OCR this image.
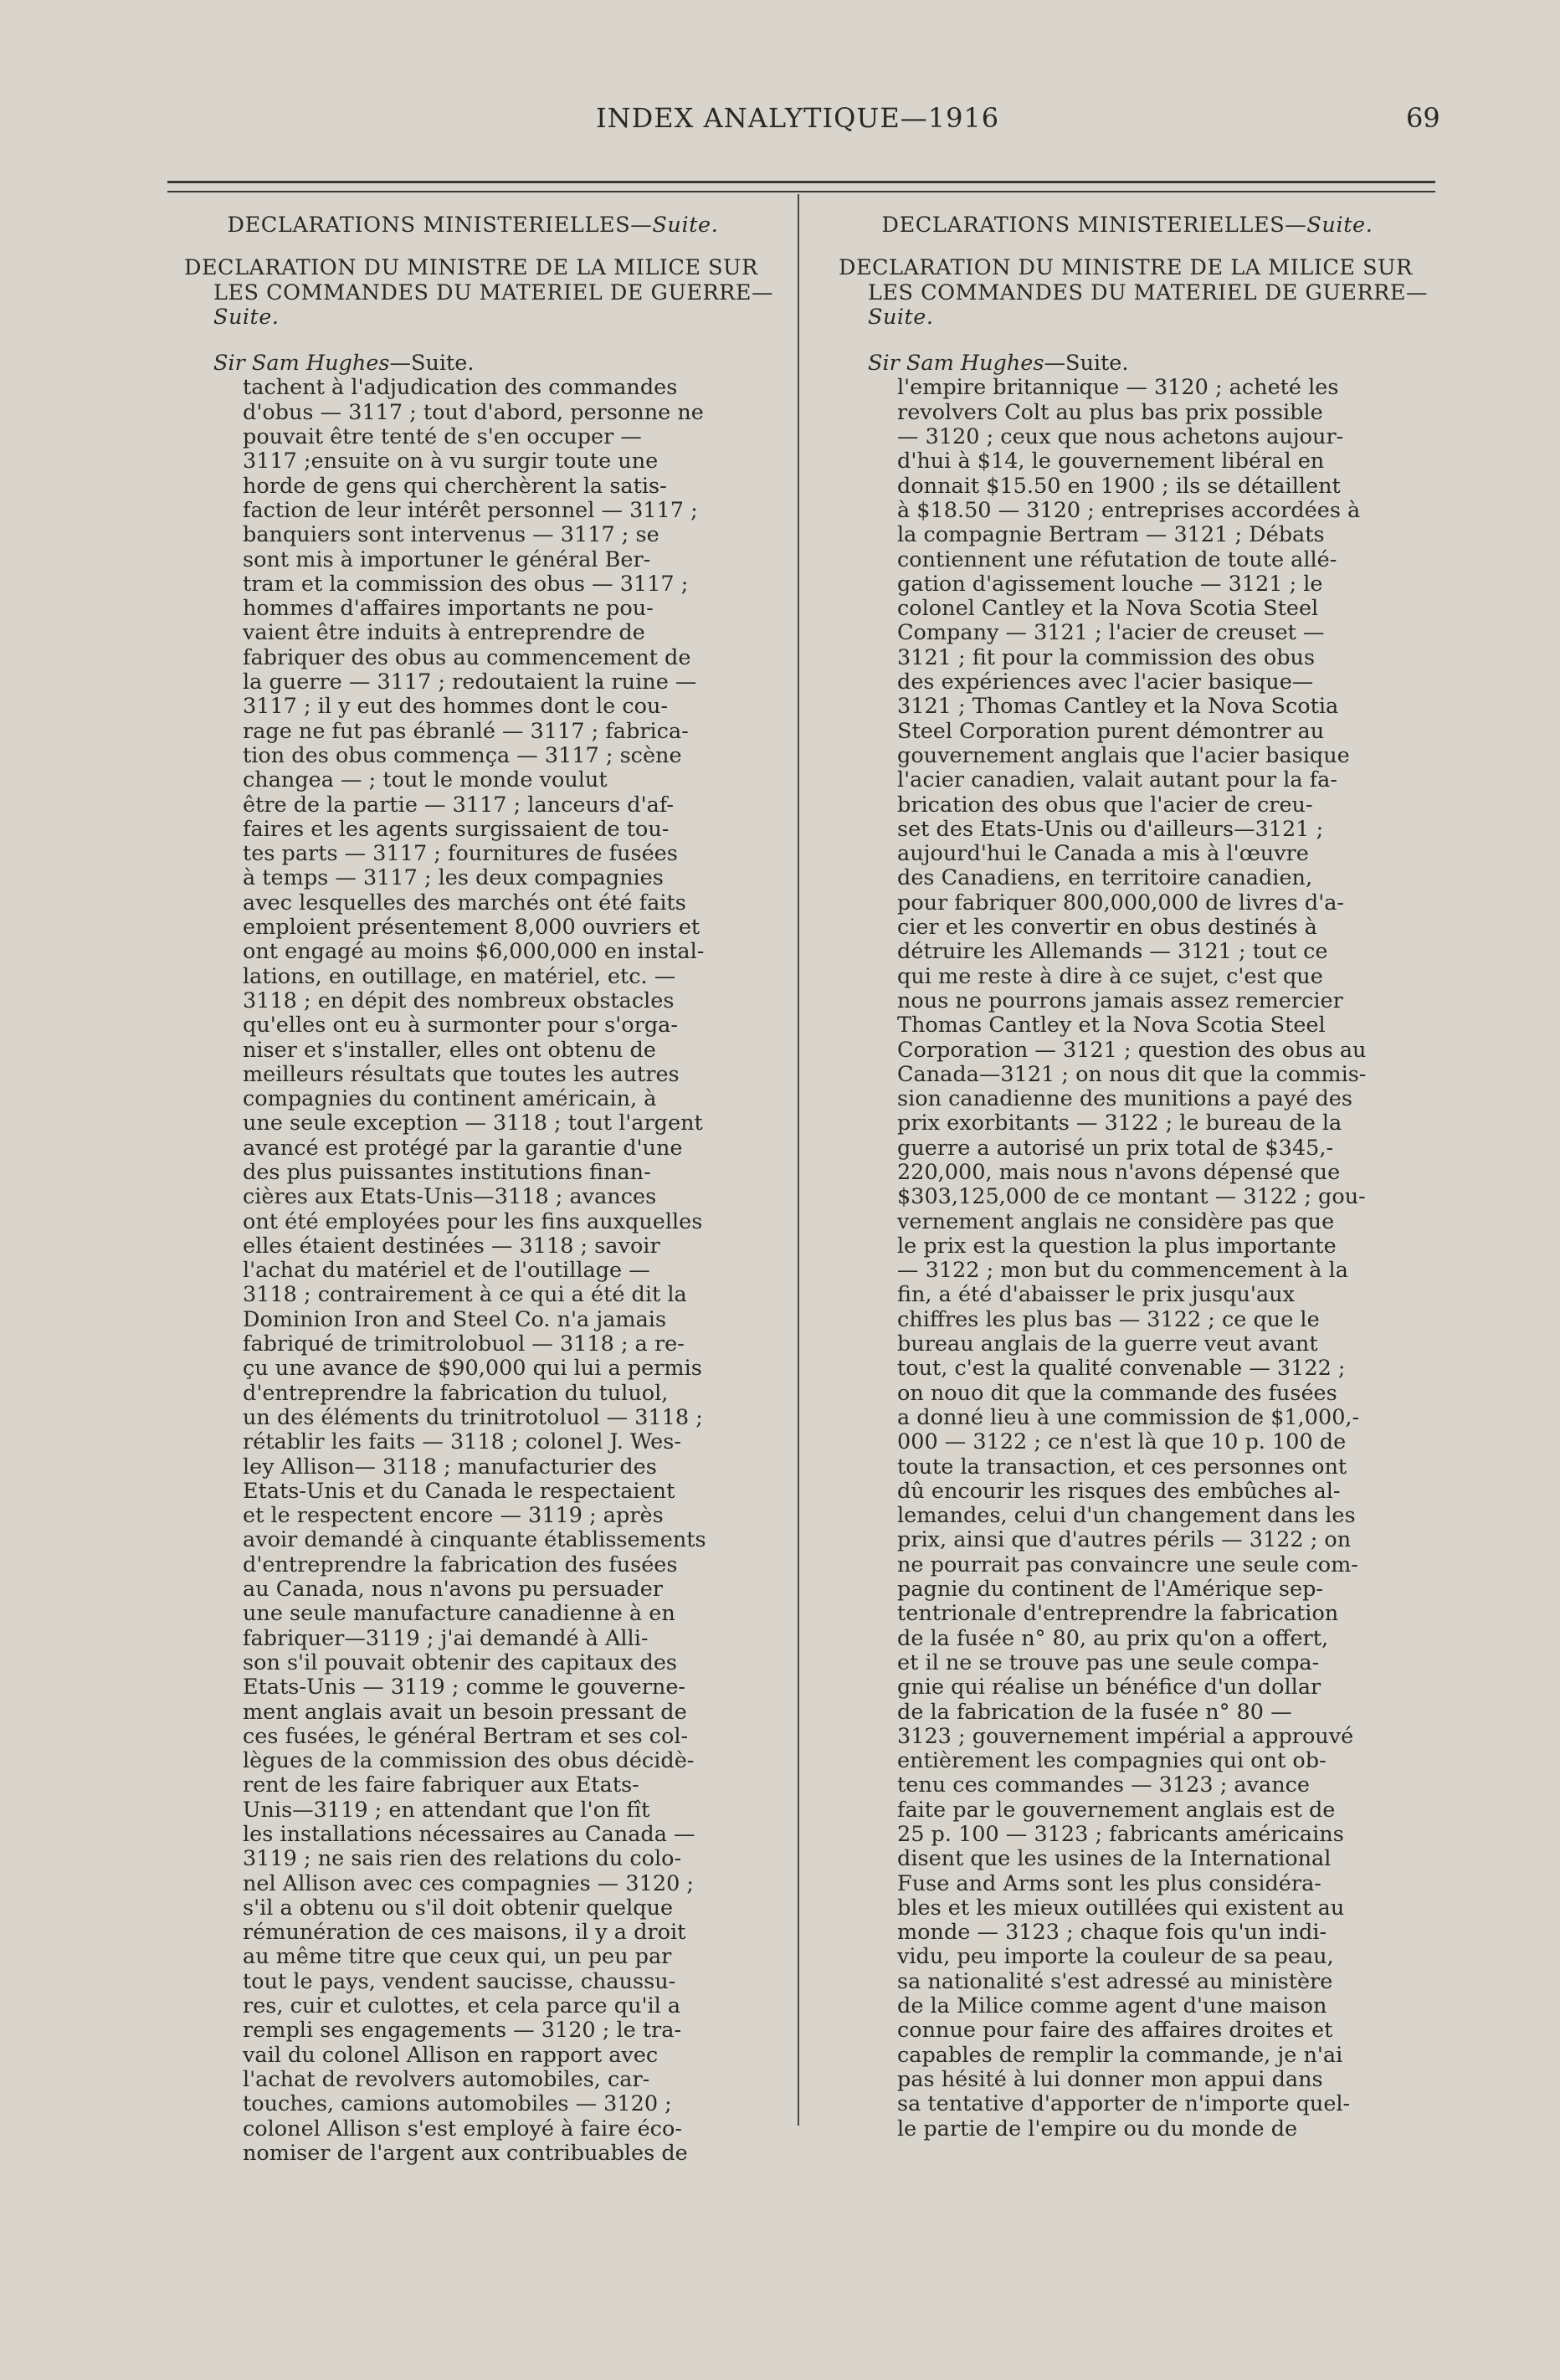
INDEX ANALYTIQUE—1916	69

DECLARATIONS MINISTERIELLES—Suite.

DECLARATION DU MINISTRE DE LA MILICE SUR LES COMMANDES DU MATERIEL DE GUERRE—Suite.

Sir Sam Hughes—Suite.

tachent à l'adjudication des commandes
d'obus — 3117 ; tout d'abord, personne ne
pouvait être tenté de s'en occuper —
3117 ;ensuite on à vu surgir toute une
horde de gens qui cherchèrent la satis-
faction de leur intérêt personnel — 3117 ;
banquiers sont intervenus — 3117 ; se
sont mis à importuner le général Ber-
tram et la commission des obus — 3117 ;
hommes d'affaires importants ne pou-
vaient être induits à entreprendre de
fabriquer des obus au commencement de
la guerre — 3117 ; redoutaient la ruine —
3117 ; il y eut des hommes dont le cou-
rage ne fut pas ébranlé — 3117 ; fabrica-
tion des obus commença — 3117 ; scène
changea — ; tout le monde voulut
être de la partie — 3117 ; lanceurs d'af-
faires et les agents surgissaient de tou-
tes parts — 3117 ; fournitures de fusées
à temps — 3117 ; les deux compagnies
avec lesquelles des marchés ont été faits
emploient présentement 8,000 ouvriers et
ont engagé au moins $6,000,000 en instal-
lations, en outillage, en matériel, etc. —
3118 ; en dépit des nombreux obstacles
qu'elles ont eu à surmonter pour s'orga-
niser et s'installer, elles ont obtenu de
meilleurs résultats que toutes les autres
compagnies du continent américain, à
une seule exception — 3118 ; tout l'argent
avancé est protégé par la garantie d'une
des plus puissantes institutions finan-
cières aux Etats-Unis—3118 ; avances
ont été employées pour les fins auxquelles
elles étaient destinées — 3118 ; savoir
l'achat du matériel et de l'outillage —
3118 ; contrairement à ce qui a été dit la
Dominion Iron and Steel Co. n'a jamais
fabriqué de trimitrolobuol — 3118 ; a re-
çu une avance de $90,000 qui lui a permis
d'entreprendre la fabrication du tuluol,
un des éléments du trinitrotoluol — 3118 ;
rétablir les faits — 3118 ; colonel J. Wes-
ley Allison— 3118 ; manufacturier des
Etats-Unis et du Canada le respectaient
et le respectent encore — 3119 ; après
avoir demandé à cinquante établissements
d'entreprendre la fabrication des fusées
au Canada, nous n'avons pu persuader
une seule manufacture canadienne à en
fabriquer—3119 ; j'ai demandé à Alli-
son s'il pouvait obtenir des capitaux des
Etats-Unis — 3119 ; comme le gouverne-
ment anglais avait un besoin pressant de
ces fusées, le général Bertram et ses col-
lègues de la commission des obus décidè-
rent de les faire fabriquer aux Etats-
Unis—3119 ; en attendant que l'on fît
les installations nécessaires au Canada —
3119 ; ne sais rien des relations du colo-
nel Allison avec ces compagnies — 3120 ;
s'il a obtenu ou s'il doit obtenir quelque
rémunération de ces maisons, il y a droit
au même titre que ceux qui, un peu par
tout le pays, vendent saucisse, chaussu-
res, cuir et culottes, et cela parce qu'il a
rempli ses engagements — 3120 ; le tra-
vail du colonel Allison en rapport avec
l'achat de revolvers automobiles, car-
touches, camions automobiles — 3120 ;
colonel Allison s'est employé à faire éco-
nomiser de l'argent aux contribuables de

DECLARATIONS MINISTERIELLES—Suite.

DECLARATION DU MINISTRE DE LA MILICE SUR LES COMMANDES DU MATERIEL DE GUERRE—Suite.

Sir Sam Hughes—Suite.

l'empire britannique — 3120 ; acheté les
revolvers Colt au plus bas prix possible
— 3120 ; ceux que nous achetons aujour-
d'hui à $14, le gouvernement libéral en
donnait $15.50 en 1900 ; ils se détaillent
à $18.50 — 3120 ; entreprises accordées à
la compagnie Bertram — 3121 ; Débats
contiennent une réfutation de toute allé-
gation d'agissement louche — 3121 ; le
colonel Cantley et la Nova Scotia Steel
Company — 3121 ; l'acier de creuset —
3121 ; fit pour la commission des obus
des expériences avec l'acier basique—
3121 ; Thomas Cantley et la Nova Scotia
Steel Corporation purent démontrer au
gouvernement anglais que l'acier basique
l'acier canadien, valait autant pour la fa-
brication des obus que l'acier de creu-
set des Etats-Unis ou d'ailleurs—3121 ;
aujourd'hui le Canada a mis à l'œuvre
des Canadiens, en territoire canadien,
pour fabriquer 800,000,000 de livres d'a-
cier et les convertir en obus destinés à
détruire les Allemands — 3121 ; tout ce
qui me reste à dire à ce sujet, c'est que
nous ne pourrons jamais assez remercier
Thomas Cantley et la Nova Scotia Steel
Corporation — 3121 ; question des obus au
Canada—3121 ; on nous dit que la commis-
sion canadienne des munitions a payé des
prix exorbitants — 3122 ; le bureau de la
guerre a autorisé un prix total de $345,-
220,000, mais nous n'avons dépensé que
$303,125,000 de ce montant — 3122 ; gou-
vernement anglais ne considère pas que
le prix est la question la plus importante
— 3122 ; mon but du commencement à la
fin, a été d'abaisser le prix jusqu'aux
chiffres les plus bas — 3122 ; ce que le
bureau anglais de la guerre veut avant
tout, c'est la qualité convenable — 3122 ;
on nouo dit que la commande des fusées
a donné lieu à une commission de $1,000,-
000 — 3122 ; ce n'est là que 10 p. 100 de
toute la transaction, et ces personnes ont
dû encourir les risques des embûches al-
lemandes, celui d'un changement dans les
prix, ainsi que d'autres périls — 3122 ; on
ne pourrait pas convaincre une seule com-
pagnie du continent de l'Amérique sep-
tentrionale d'entreprendre la fabrication
de la fusée n° 80, au prix qu'on a offert,
et il ne se trouve pas une seule compa-
gnie qui réalise un bénéfice d'un dollar
de la fabrication de la fusée n° 80 —
3123 ; gouvernement impérial a approuvé
entièrement les compagnies qui ont ob-
tenu ces commandes — 3123 ; avance
faite par le gouvernement anglais est de
25 p. 100 — 3123 ; fabricants américains
disent que les usines de la International
Fuse and Arms sont les plus considéra-
bles et les mieux outillées qui existent au
monde — 3123 ; chaque fois qu'un indi-
vidu, peu importe la couleur de sa peau,
sa nationalité s'est adressé au ministère
de la Milice comme agent d'une maison
connue pour faire des affaires droites et
capables de remplir la commande, je n'ai
pas hésité à lui donner mon appui dans
sa tentative d'apporter de n'importe quel-
le partie de l'empire ou du monde de
